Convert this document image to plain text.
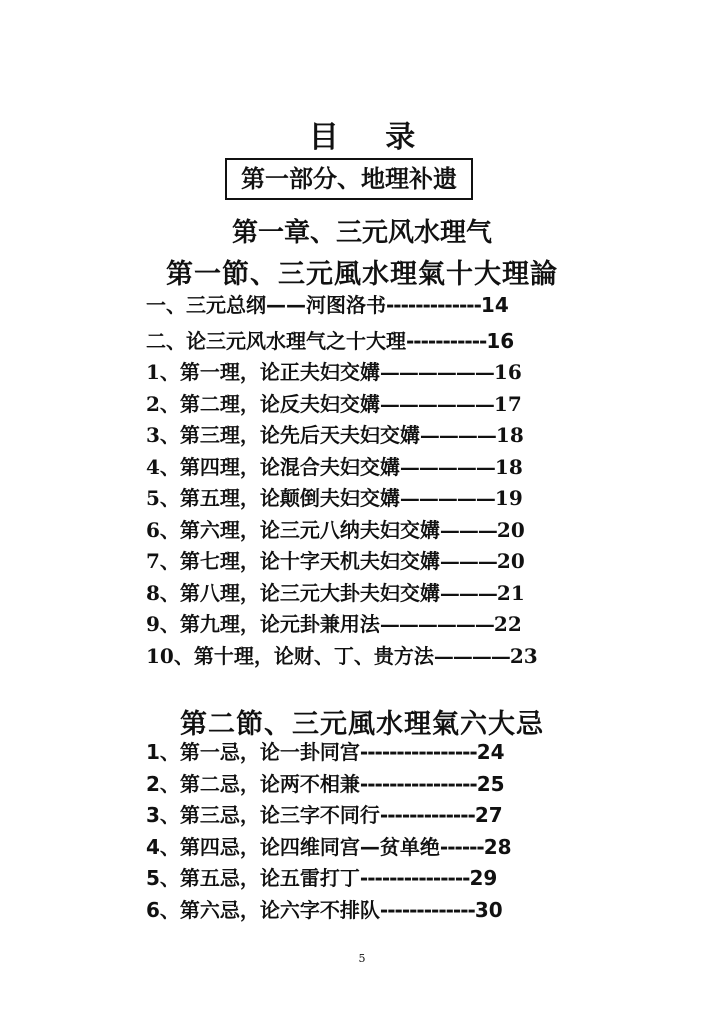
目 录
第一部分、地理补遗
第一章、三元风水理气
第一節、三元風水理氣十大理論
一、三元总纲——河图洛书-------------14
二、论三元风水理气之十大理-----------16
1、第一理，论正夫妇交媾——————16
2、第二理，论反夫妇交媾——————17
3、第三理，论先后天夫妇交媾————18
4、第四理，论混合夫妇交媾—————18
5、第五理，论颠倒夫妇交媾—————19
6、第六理，论三元八纳夫妇交媾———20
7、第七理，论十字天机夫妇交媾———20
8、第八理，论三元大卦夫妇交媾———21
9、第九理，论元卦兼用法——————22
10、第十理，论财、丁、贵方法————23
第二節、三元風水理氣六大忌
1、第一忌，论一卦同宫----------------24
2、第二忌，论两不相兼----------------25
3、第三忌，论三字不同行-------------27
4、第四忌，论四维同宫—贫单绝------28
5、第五忌，论五雷打丁---------------29
6、第六忌，论六字不排队-------------30
5
